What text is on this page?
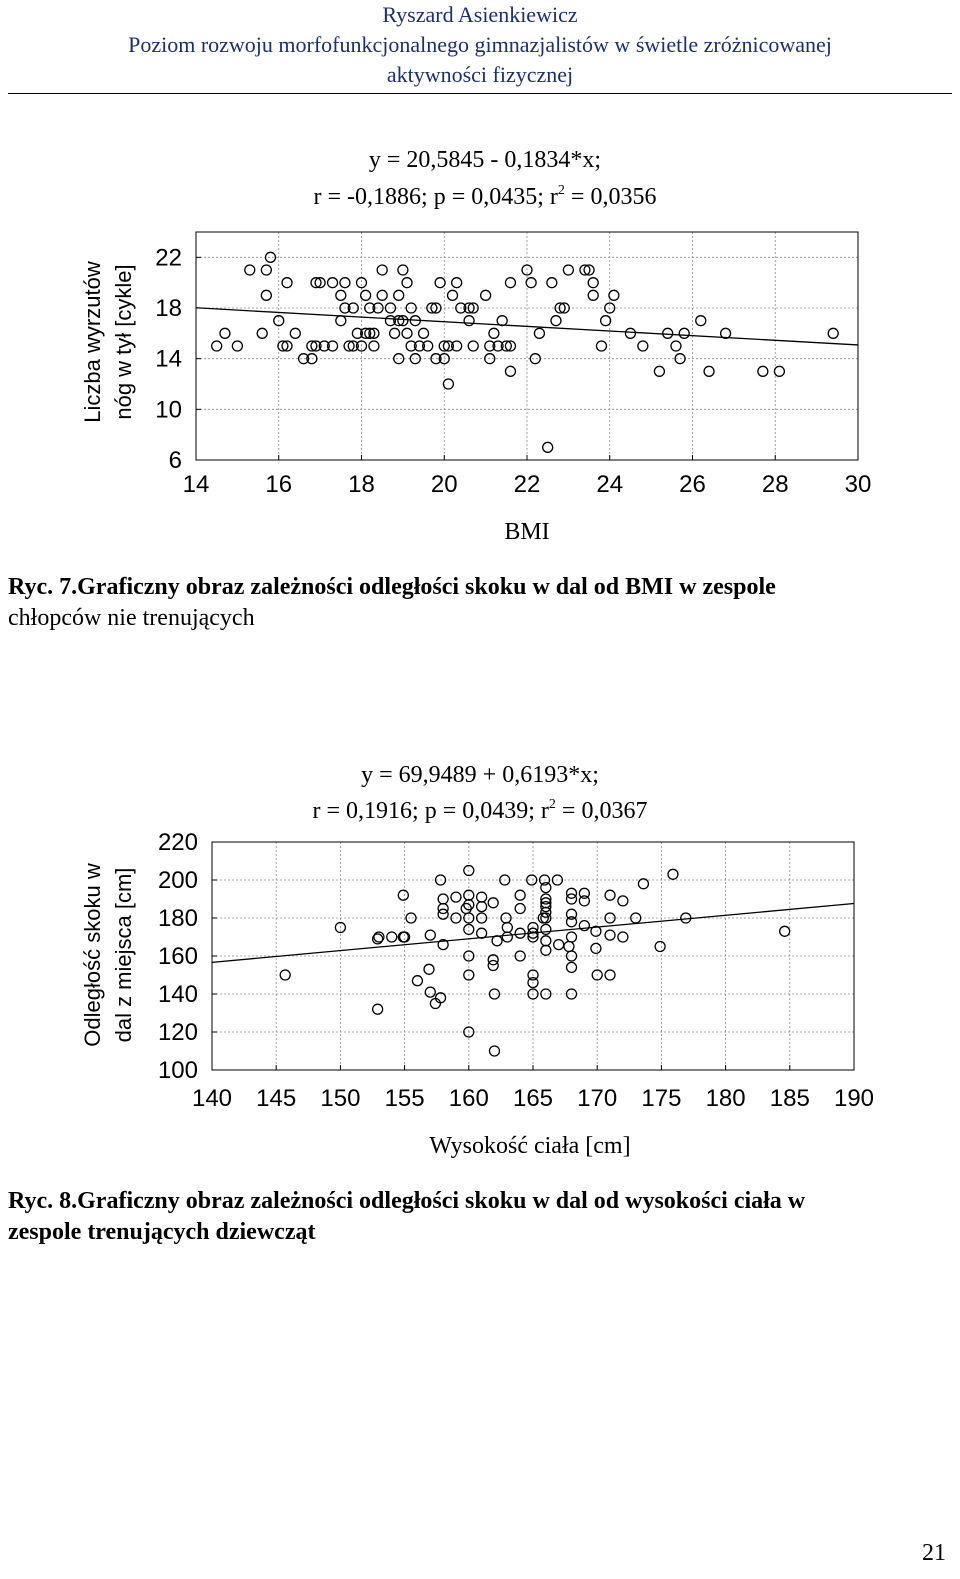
Ryszard Asienkiewicz
Poziom rozwoju morfofunkcjonalnego gimnazjalistów w świetle zróżnicowanej
aktywności fizycznej
y = 20,5845 - 0,1834*x;
r = -0,1886; p = 0,0435; $r^2 = 0,0356$
Liczba wyrzutów nóg w tył [cykle]
BMI
14 16 18 20 22 24 26 28 30
6
10
14
18
22
Ryc. 7.Graficzny obraz zależności odległości skoku w dal od BMI w zespole
chłopców nie trenujących
y = 69,9489 + 0,6193*x;
r = 0,1916; p = 0,0439; $r^2 = 0,0367$
Odległość skoku w dal z miejsca [cm]
Wysokość ciała [cm]
140 145 150 155 160 165 170 175 180 185 190
100
120
140
160
180
200
220
Ryc. 8.Graficzny obraz zależności odległości skoku w dal od wysokości ciała w
zespole trenujących dziewcząt
21
